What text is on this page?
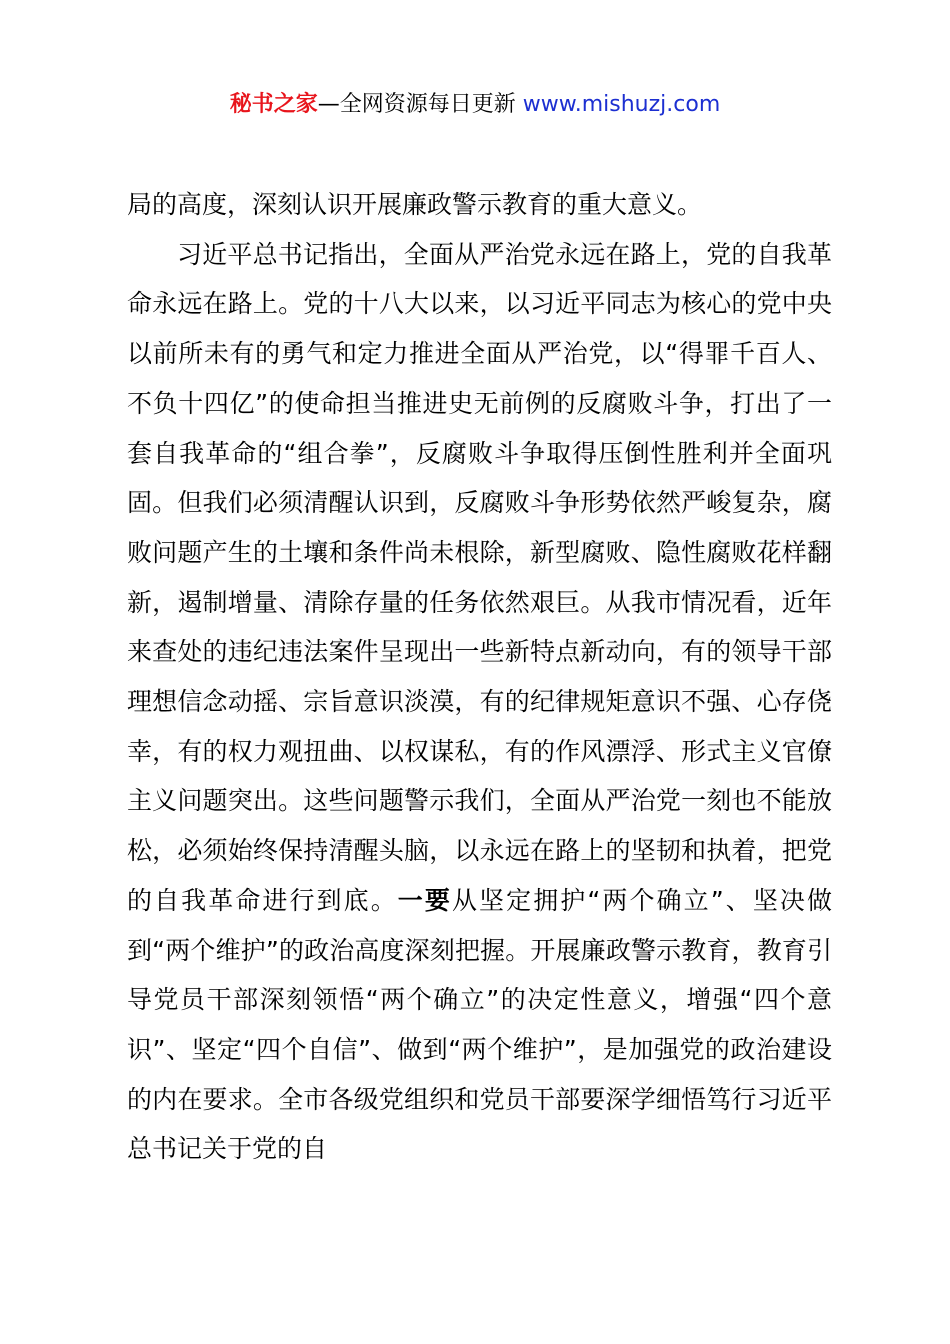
秘书之家—全网资源每日更新 www.mishuzj.com

局的高度，深刻认识开展廉政警示教育的重大意义。

习近平总书记指出，全面从严治党永远在路上，党的自我革命永远在路上。党的十八大以来，以习近平同志为核心的党中央以前所未有的勇气和定力推进全面从严治党，以“得罪千百人、不负十四亿”的使命担当推进史无前例的反腐败斗争，打出了一套自我革命的“组合拳”，反腐败斗争取得压倒性胜利并全面巩固。但我们必须清醒认识到，反腐败斗争形势依然严峻复杂，腐败问题产生的土壤和条件尚未根除，新型腐败、隐性腐败花样翻新，遏制增量、清除存量的任务依然艰巨。从我市情况看，近年来查处的违纪违法案件呈现出一些新特点新动向，有的领导干部理想信念动摇、宗旨意识淡漠，有的纪律规矩意识不强、心存侥幸，有的权力观扭曲、以权谋私，有的作风漂浮、形式主义官僚主义问题突出。这些问题警示我们，全面从严治党一刻也不能放松，必须始终保持清醒头脑，以永远在路上的坚韧和执着，把党的自我革命进行到底。一要从坚定拥护“两个确立”、坚决做到“两个维护”的政治高度深刻把握。开展廉政警示教育，教育引导党员干部深刻领悟“两个确立”的决定性意义，增强“四个意识”、坚定“四个自信”、做到“两个维护”，是加强党的政治建设的内在要求。全市各级党组织和党员干部要深学细悟笃行习近平总书记关于党的自
